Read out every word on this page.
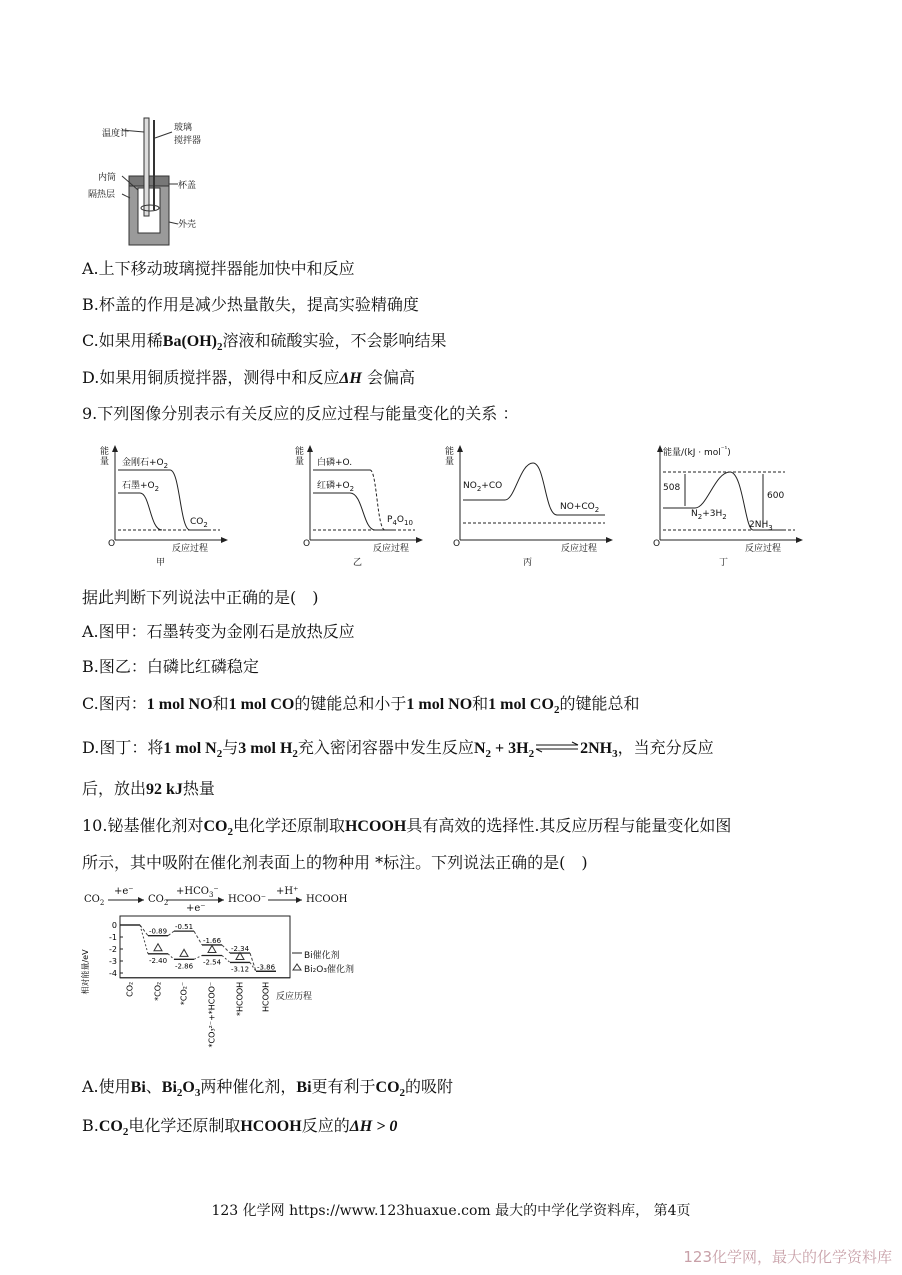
温度计
玻璃
搅拌器
内筒
隔热层
杯盖
外壳
A.上下移动玻璃搅拌器能加快中和反应
B.杯盖的作用是减少热量散失，提高实验精确度
C.如果用稀$Ba(OH)_2$溶液和硫酸实验，不会影响结果
D.如果用铜质搅拌器，测得中和反应ΔH 会偏高
9.下列图像分别表示有关反应的反应过程与能量变化的关系 ：
能
量 金刚石$+O_2$
石墨$+O_2$
$CO_2$
O	反应过程
甲
能
量 白磷+O.
红磷$+O_2$
$P_4O_{10}$
O	反应过程
乙
能
量
$NO_2+CO$
$NO+CO_2$
O	反应过程
丙
能量/(kJ · mol$^{^{-1}}$)
508
600
$N_2+3H_2$
$2NH_3$
O	反应过程
丁
据此判断下列说法中正确的是(　)
A.图甲：石墨转变为金刚石是放热反应
B.图乙：白磷比红磷稳定
C.图丙：1 mol NO和1 mol CO的键能总和小于1 mol NO和1 mol $CO_2$的键能总和
D.图丁：将1 mol $N_2$与3 mol $H_2$充入密闭容器中发生反应$N_2 + 3H_2$	$2NH_3$，当充分反应
后，放出92 kJ热量
10.铋基催化剂对$CO_2$电化学还原制取HCOOH具有高效的选择性.其反应历程与能量变化如图
所示，其中吸附在催化剂表面上的物种用 *标注。下列说法正确的是(　)
$CO_2$
+e⁻
$CO_2$
$+HCO_3^-$
+e⁻
HCOO⁻
+H⁺
HCOOH
0
-1
-2
-3
-4
相对能量/eV
-0.89
-0.51
-1.66
-2.34
-3.86
-2.40
-2.86 -2.54
-3.12
CO₂ *CO₂ *CO₂⁻ *CO₃²⁻+*HCOO⁻ *HCOOH HCOOH
Bi催化剂
Bi₂O₃催化剂
反应历程
A.使用Bi、$Bi_2O_3$两种催化剂，Bi更有利于$CO_2$的吸附
$B.CO_2$电化学还原制取HCOOH反应的ΔH > 0
123 化学网 https://www.123huaxue.com 最大的中学化学资料库， 第4页
123化学网，最大的化学资料库
